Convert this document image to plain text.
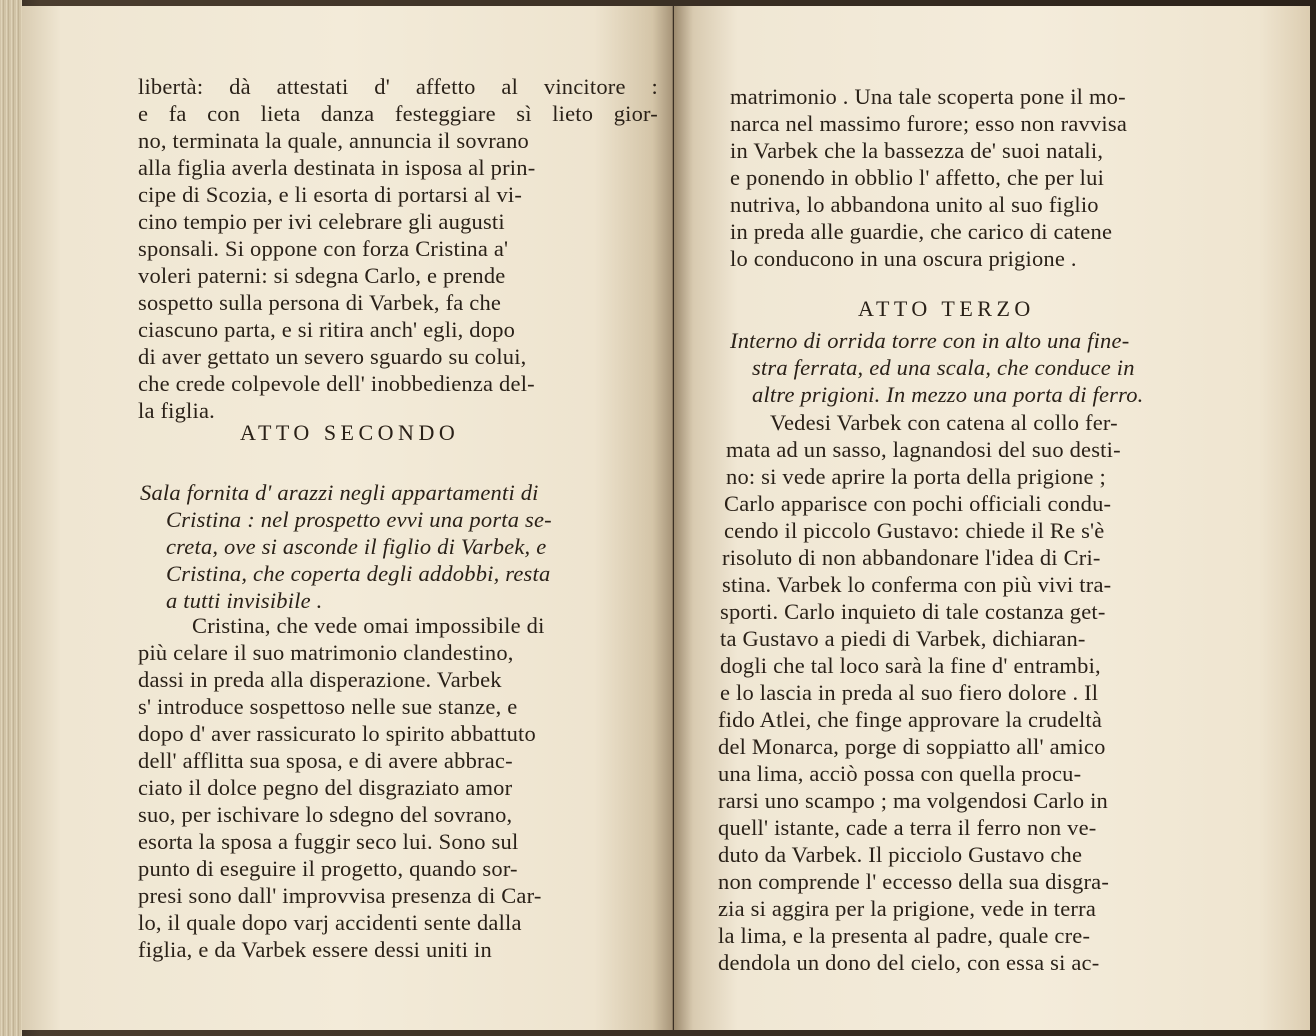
libertà: dà attestati d' affetto al vincitore :
e fa con lieta danza festeggiare sì lieto gior-
no, terminata la quale, annuncia il sovrano
alla figlia averla destinata in isposa al prin-
cipe di Scozia, e li esorta di portarsi al vi-
cino tempio per ivi celebrare gli augusti
sponsali. Si oppone con forza Cristina a'
voleri paterni: si sdegna Carlo, e prende
sospetto sulla persona di Varbek, fa che
ciascuno parta, e si ritira anch' egli, dopo
di aver gettato un severo sguardo su colui,
che crede colpevole dell' inobbedienza del-
la figlia.
ATTO SECONDO
Sala fornita d' arazzi negli appartamenti di
Cristina : nel prospetto evvi una porta se-
creta, ove si asconde il figlio di Varbek, e
Cristina, che coperta degli addobbi, resta
a tutti invisibile .
Cristina, che vede omai impossibile di
più celare il suo matrimonio clandestino,
dassi in preda alla disperazione. Varbek
s' introduce sospettoso nelle sue stanze, e
dopo d' aver rassicurato lo spirito abbattuto
dell' afflitta sua sposa, e di avere abbrac-
ciato il dolce pegno del disgraziato amor
suo, per ischivare lo sdegno del sovrano,
esorta la sposa a fuggir seco lui. Sono sul
punto di eseguire il progetto, quando sor-
presi sono dall' improvvisa presenza di Car-
lo, il quale dopo varj accidenti sente dalla
figlia, e da Varbek essere dessi uniti in
matrimonio . Una tale scoperta pone il mo-
narca nel massimo furore; esso non ravvisa
in Varbek che la bassezza de' suoi natali,
e ponendo in obblio l' affetto, che per lui
nutriva, lo abbandona unito al suo figlio
in preda alle guardie, che carico di catene
lo conducono in una oscura prigione .
ATTO TERZO
Interno di orrida torre con in alto una fine-
stra ferrata, ed una scala, che conduce in
altre prigioni. In mezzo una porta di ferro.
Vedesi Varbek con catena al collo fer-
mata ad un sasso, lagnandosi del suo desti-
no: si vede aprire la porta della prigione ;
Carlo apparisce con pochi officiali condu-
cendo il piccolo Gustavo: chiede il Re s'è
risoluto di non abbandonare l'idea di Cri-
stina. Varbek lo conferma con più vivi tra-
sporti. Carlo inquieto di tale costanza get-
ta Gustavo a piedi di Varbek, dichiaran-
dogli che tal loco sarà la fine d' entrambi,
e lo lascia in preda al suo fiero dolore . Il
fido Atlei, che finge approvare la crudeltà
del Monarca, porge di soppiatto all' amico
una lima, acciò possa con quella procu-
rarsi uno scampo ; ma volgendosi Carlo in
quell' istante, cade a terra il ferro non ve-
duto da Varbek. Il picciolo Gustavo che
non comprende l' eccesso della sua disgra-
zia si aggira per la prigione, vede in terra
la lima, e la presenta al padre, quale cre-
dendola un dono del cielo, con essa si ac-
